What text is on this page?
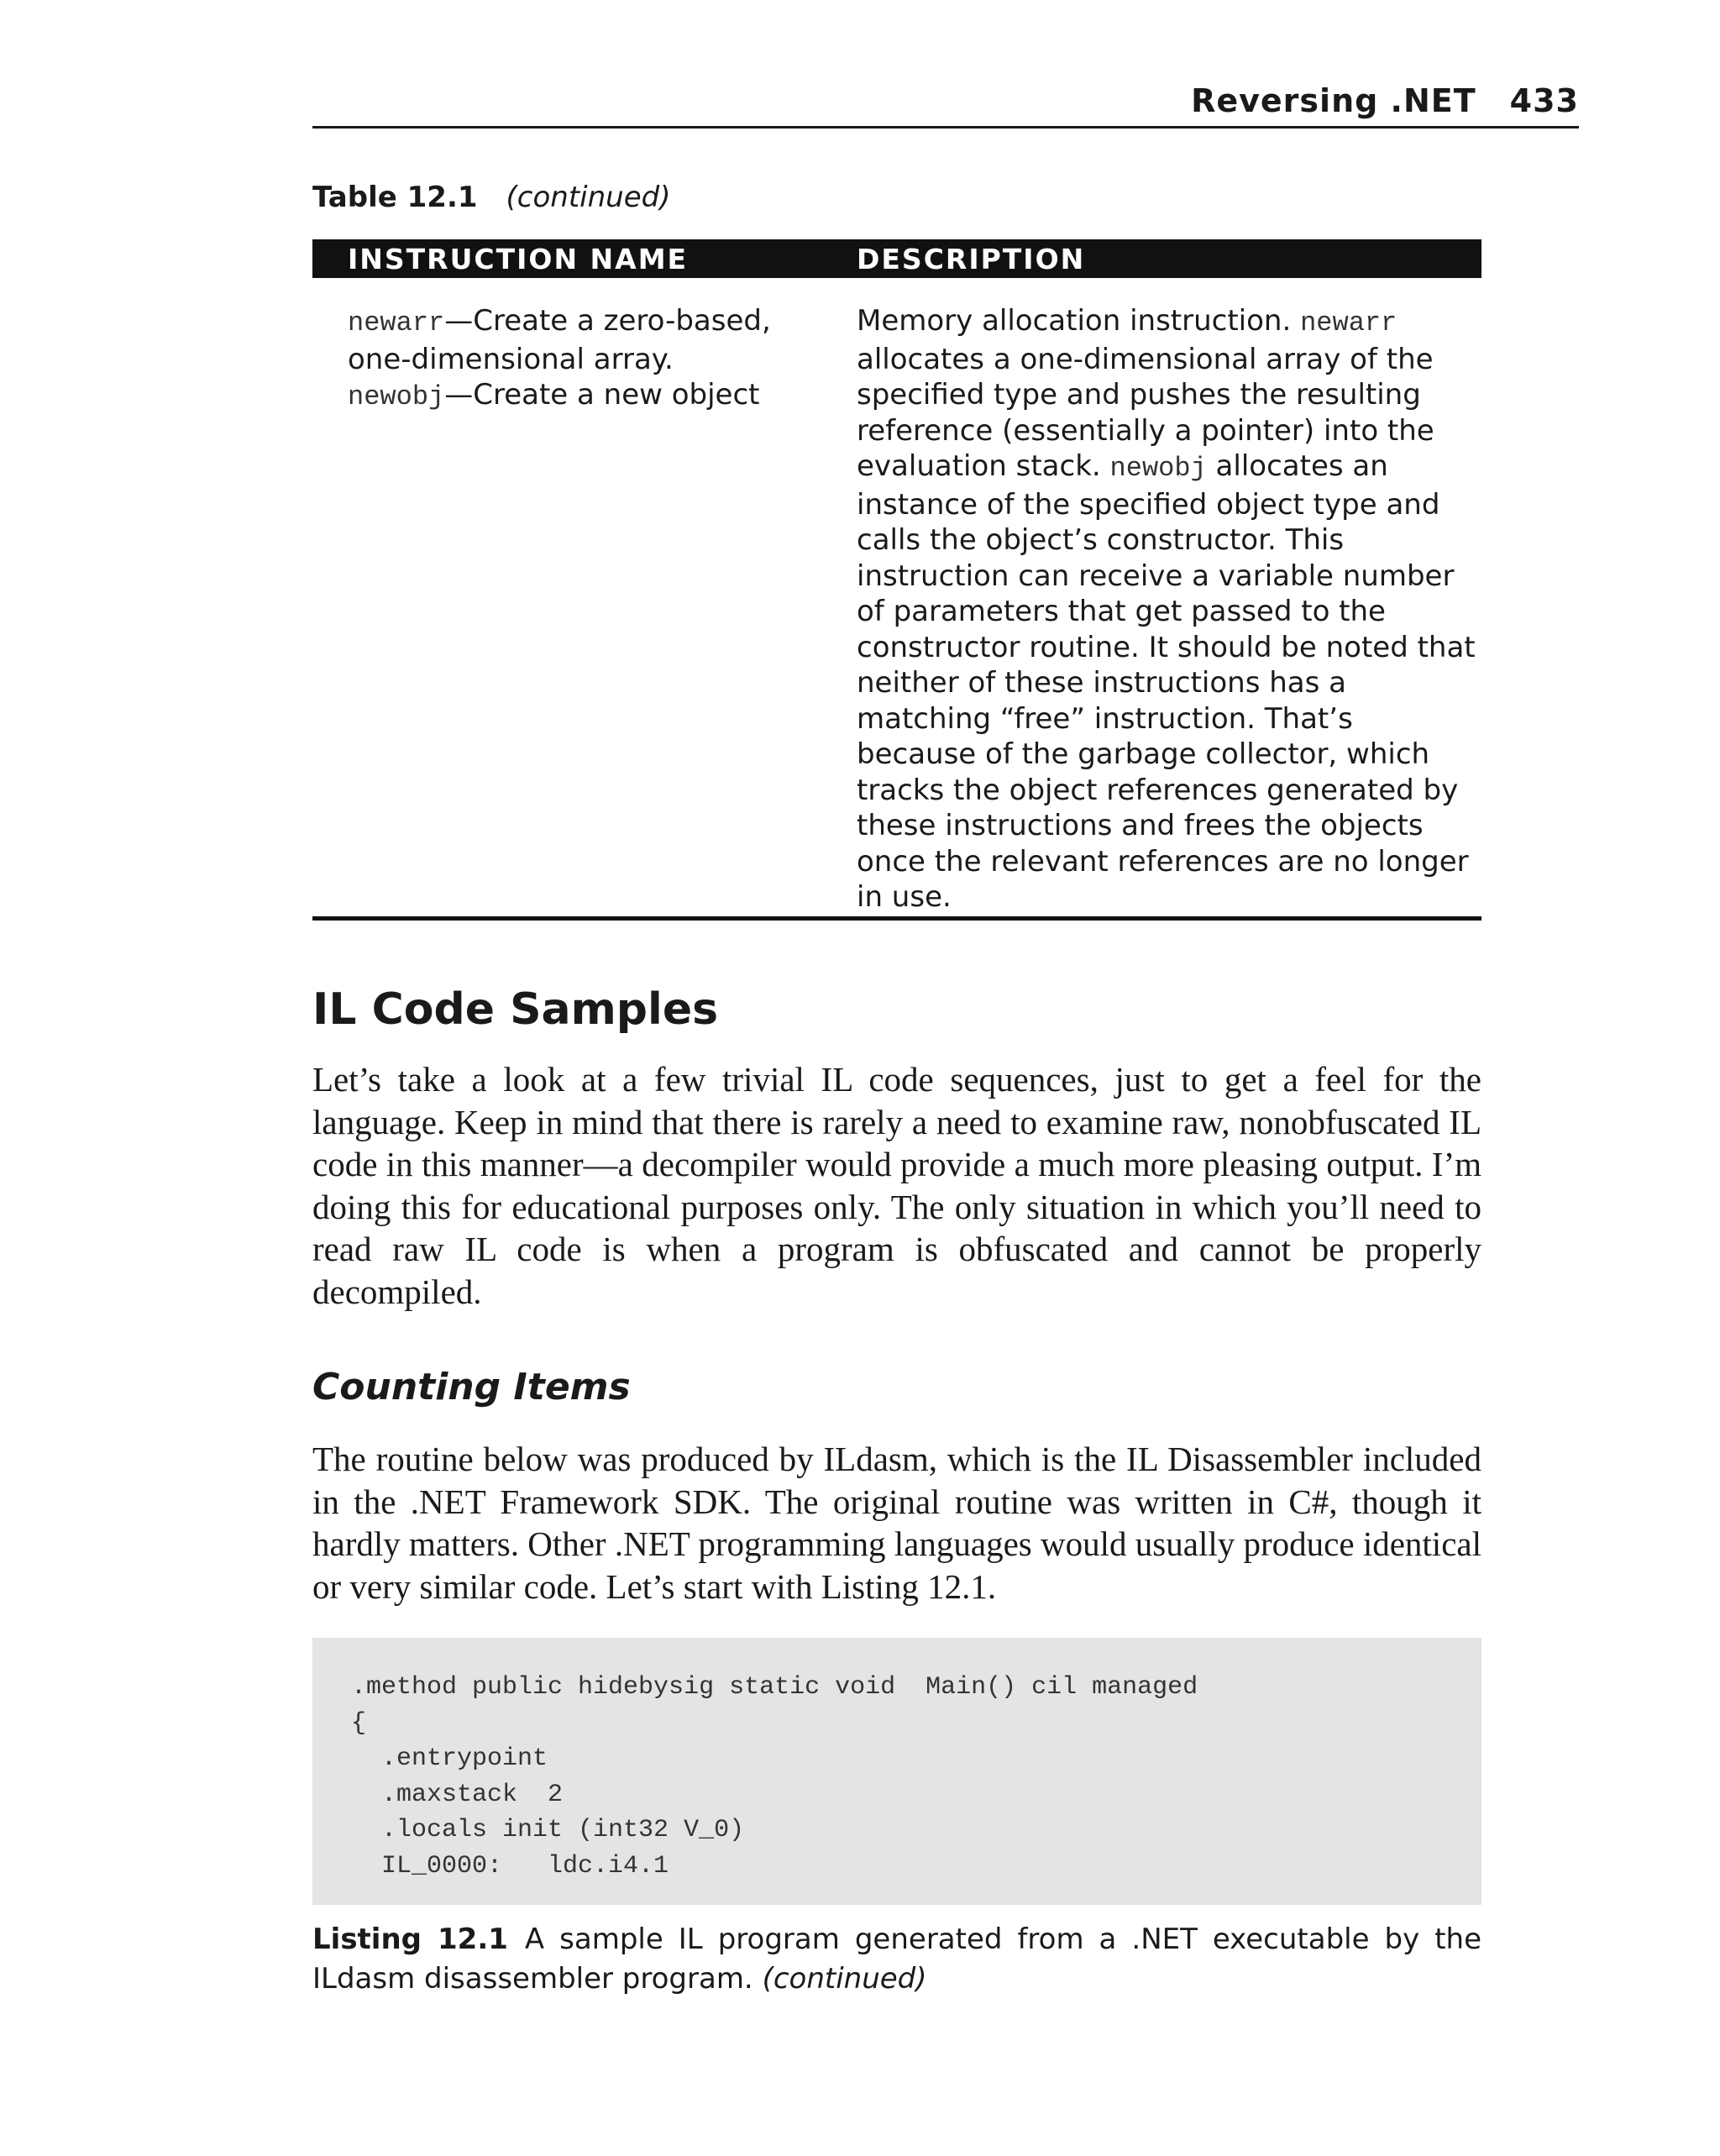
Reversing .NET 433
Table 12.1 (continued)
INSTRUCTION NAME	DESCRIPTION
newarr—Create a zero-based, one-dimensional array.
newobj—Create a new object
Memory allocation instruction. newarr allocates a one-dimensional array of the specified type and pushes the resulting reference (essentially a pointer) into the evaluation stack. newobj allocates an instance of the specified object type and calls the object’s constructor. This instruction can receive a variable number of parameters that get passed to the constructor routine. It should be noted that neither of these instructions has a matching “free” instruction. That’s because of the garbage collector, which tracks the object references generated by these instructions and frees the objects once the relevant references are no longer in use.
IL Code Samples
Let’s take a look at a few trivial IL code sequences, just to get a feel for the language. Keep in mind that there is rarely a need to examine raw, nonobfuscated IL code in this manner—a decompiler would provide a much more pleasing output. I’m doing this for educational purposes only. The only situation in which you’ll need to read raw IL code is when a program is obfuscated and cannot be properly decompiled.
Counting Items
The routine below was produced by ILdasm, which is the IL Disassembler included in the .NET Framework SDK. The original routine was written in C#, though it hardly matters. Other .NET programming languages would usually produce identical or very similar code. Let’s start with Listing 12.1.
.method public hidebysig static void  Main() cil managed
{
.entrypoint
.maxstack  2
.locals init (int32 V_0)
IL_0000:   ldc.i4.1
Listing 12.1 A sample IL program generated from a .NET executable by the ILdasm disassembler program. (continued)
